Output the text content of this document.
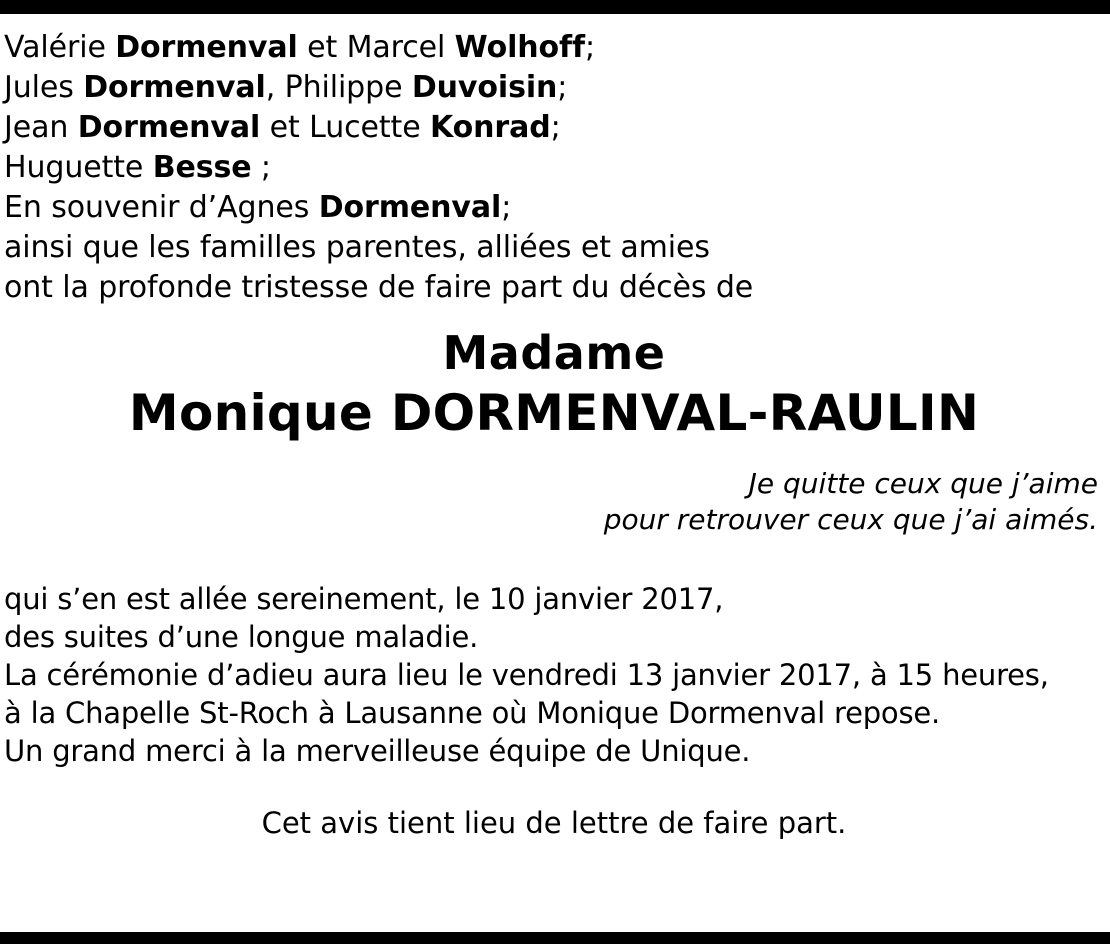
Valérie Dormenval et Marcel Wolhoff;
Jules Dormenval, Philippe Duvoisin;
Jean Dormenval et Lucette Konrad;
Huguette Besse ;
En souvenir d’Agnes Dormenval;
ainsi que les familles parentes, alliées et amies
ont la profonde tristesse de faire part du décès de
Madame
Monique DORMENVAL-RAULIN
Je quitte ceux que j’aime
pour retrouver ceux que j’ai aimés.
qui s’en est allée sereinement, le 10 janvier 2017,
des suites d’une longue maladie.
La cérémonie d’adieu aura lieu le vendredi 13 janvier 2017, à 15 heures,
à la Chapelle St-Roch à Lausanne où Monique Dormenval repose.
Un grand merci à la merveilleuse équipe de Unique.
Cet avis tient lieu de lettre de faire part.
